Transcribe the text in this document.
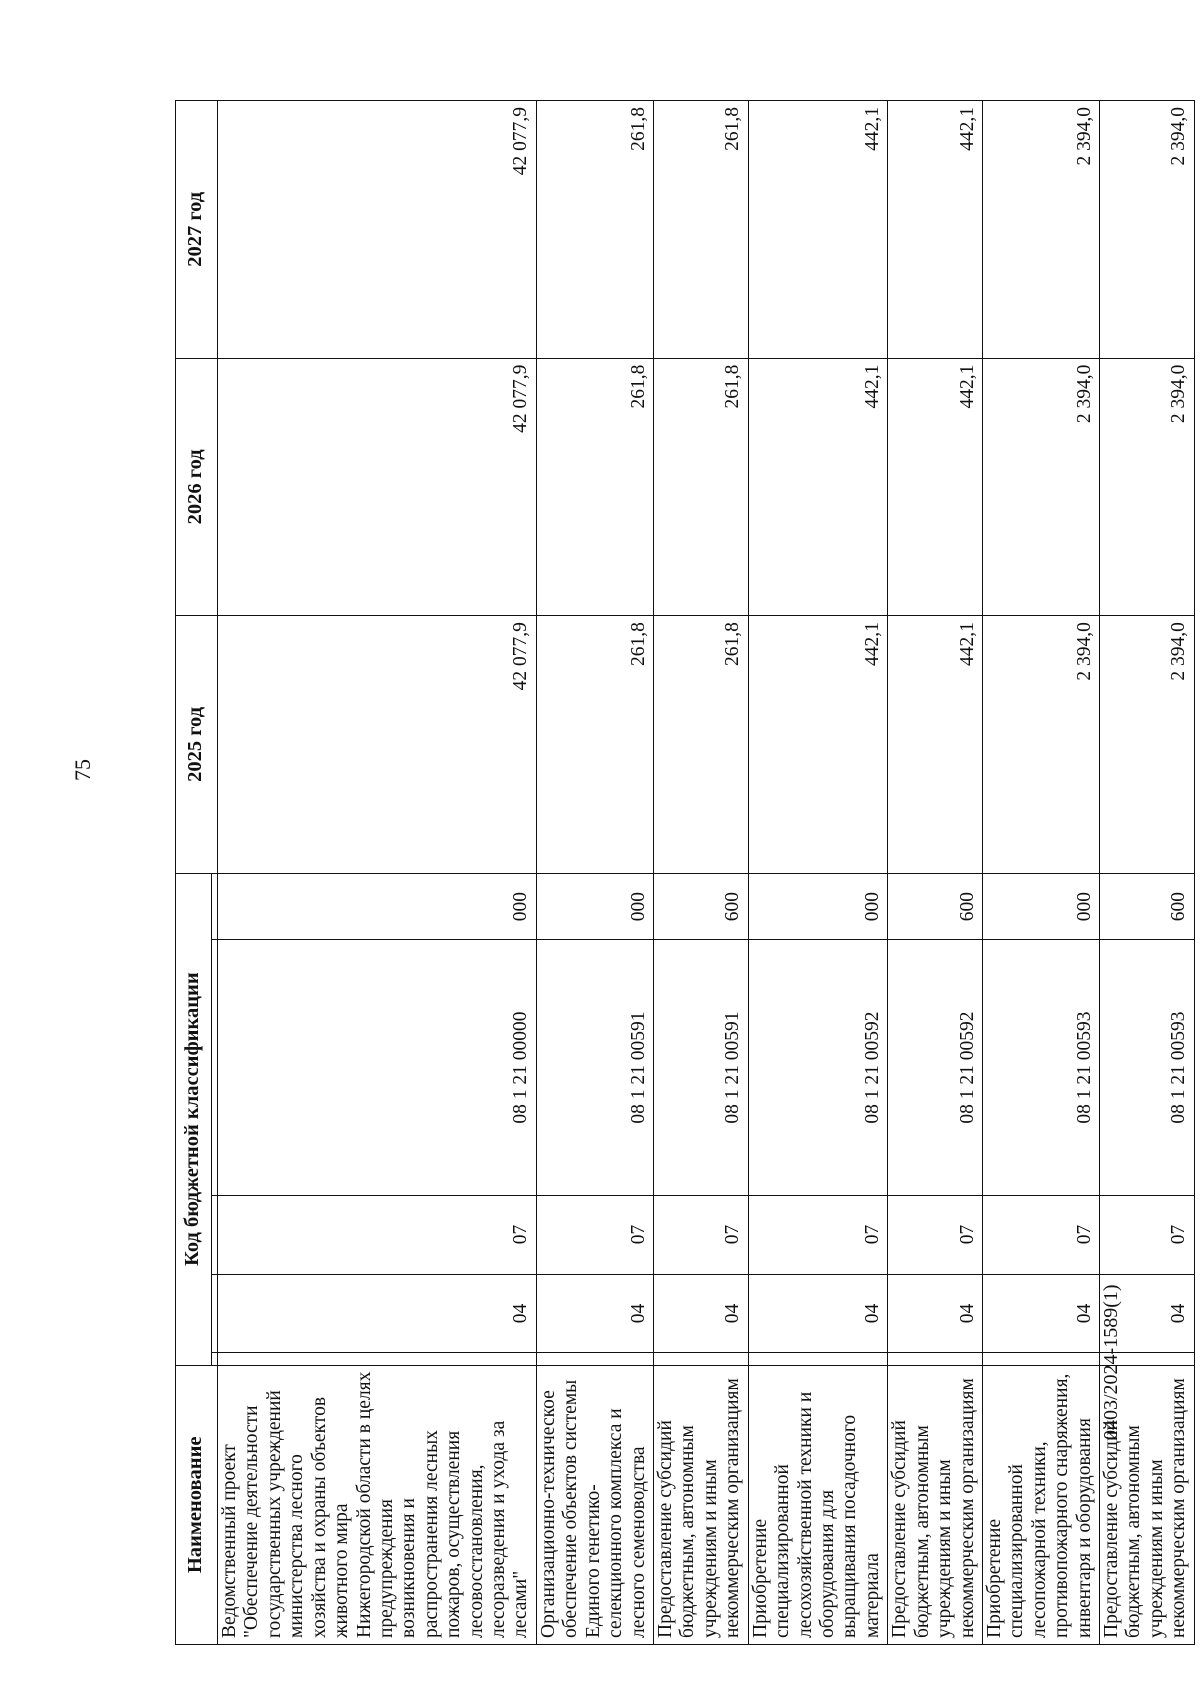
75
Наименование	Код бюджетной классификации					2025 год	2026 год	2027 год

Ведомственный проект "Обеспечение деятельности государственных учреждений министерства лесного хозяйства и охраны объектов животного мира Нижегородской области в целях предупреждения возникновения и распространения лесных пожаров, осуществления лесовосстановления, лесоразведения и ухода за лесами"		04	07	08 1 21 00000	000	42 077,9	42 077,9	42 077,9
Организационно-техническое обеспечение объектов системы Единого генетико-селекционного комплекса и лесного семеноводства		04	07	08 1 21 00591	000	261,8	261,8	261,8
Предоставление субсидий бюджетным, автономным учреждениям и иным некоммерческим организациям		04	07	08 1 21 00591	600	261,8	261,8	261,8
Приобретение специализированной лесохозяйственной техники и оборудования для выращивания посадочного материала		04	07	08 1 21 00592	000	442,1	442,1	442,1
Предоставление субсидий бюджетным, автономным учреждениям и иным некоммерческим организациям		04	07	08 1 21 00592	600	442,1	442,1	442,1
Приобретение специализированной лесопожарной техники, противопожарного снаряжения, инвентаря и оборудования		04	07	08 1 21 00593	000	2 394,0	2 394,0	2 394,0
Предоставление субсидий бюджетным, автономным учреждениям и иным некоммерческим организациям		04	07	08 1 21 00593	600	2 394,0	2 394,0	2 394,0
0403/2024-1589(1)
